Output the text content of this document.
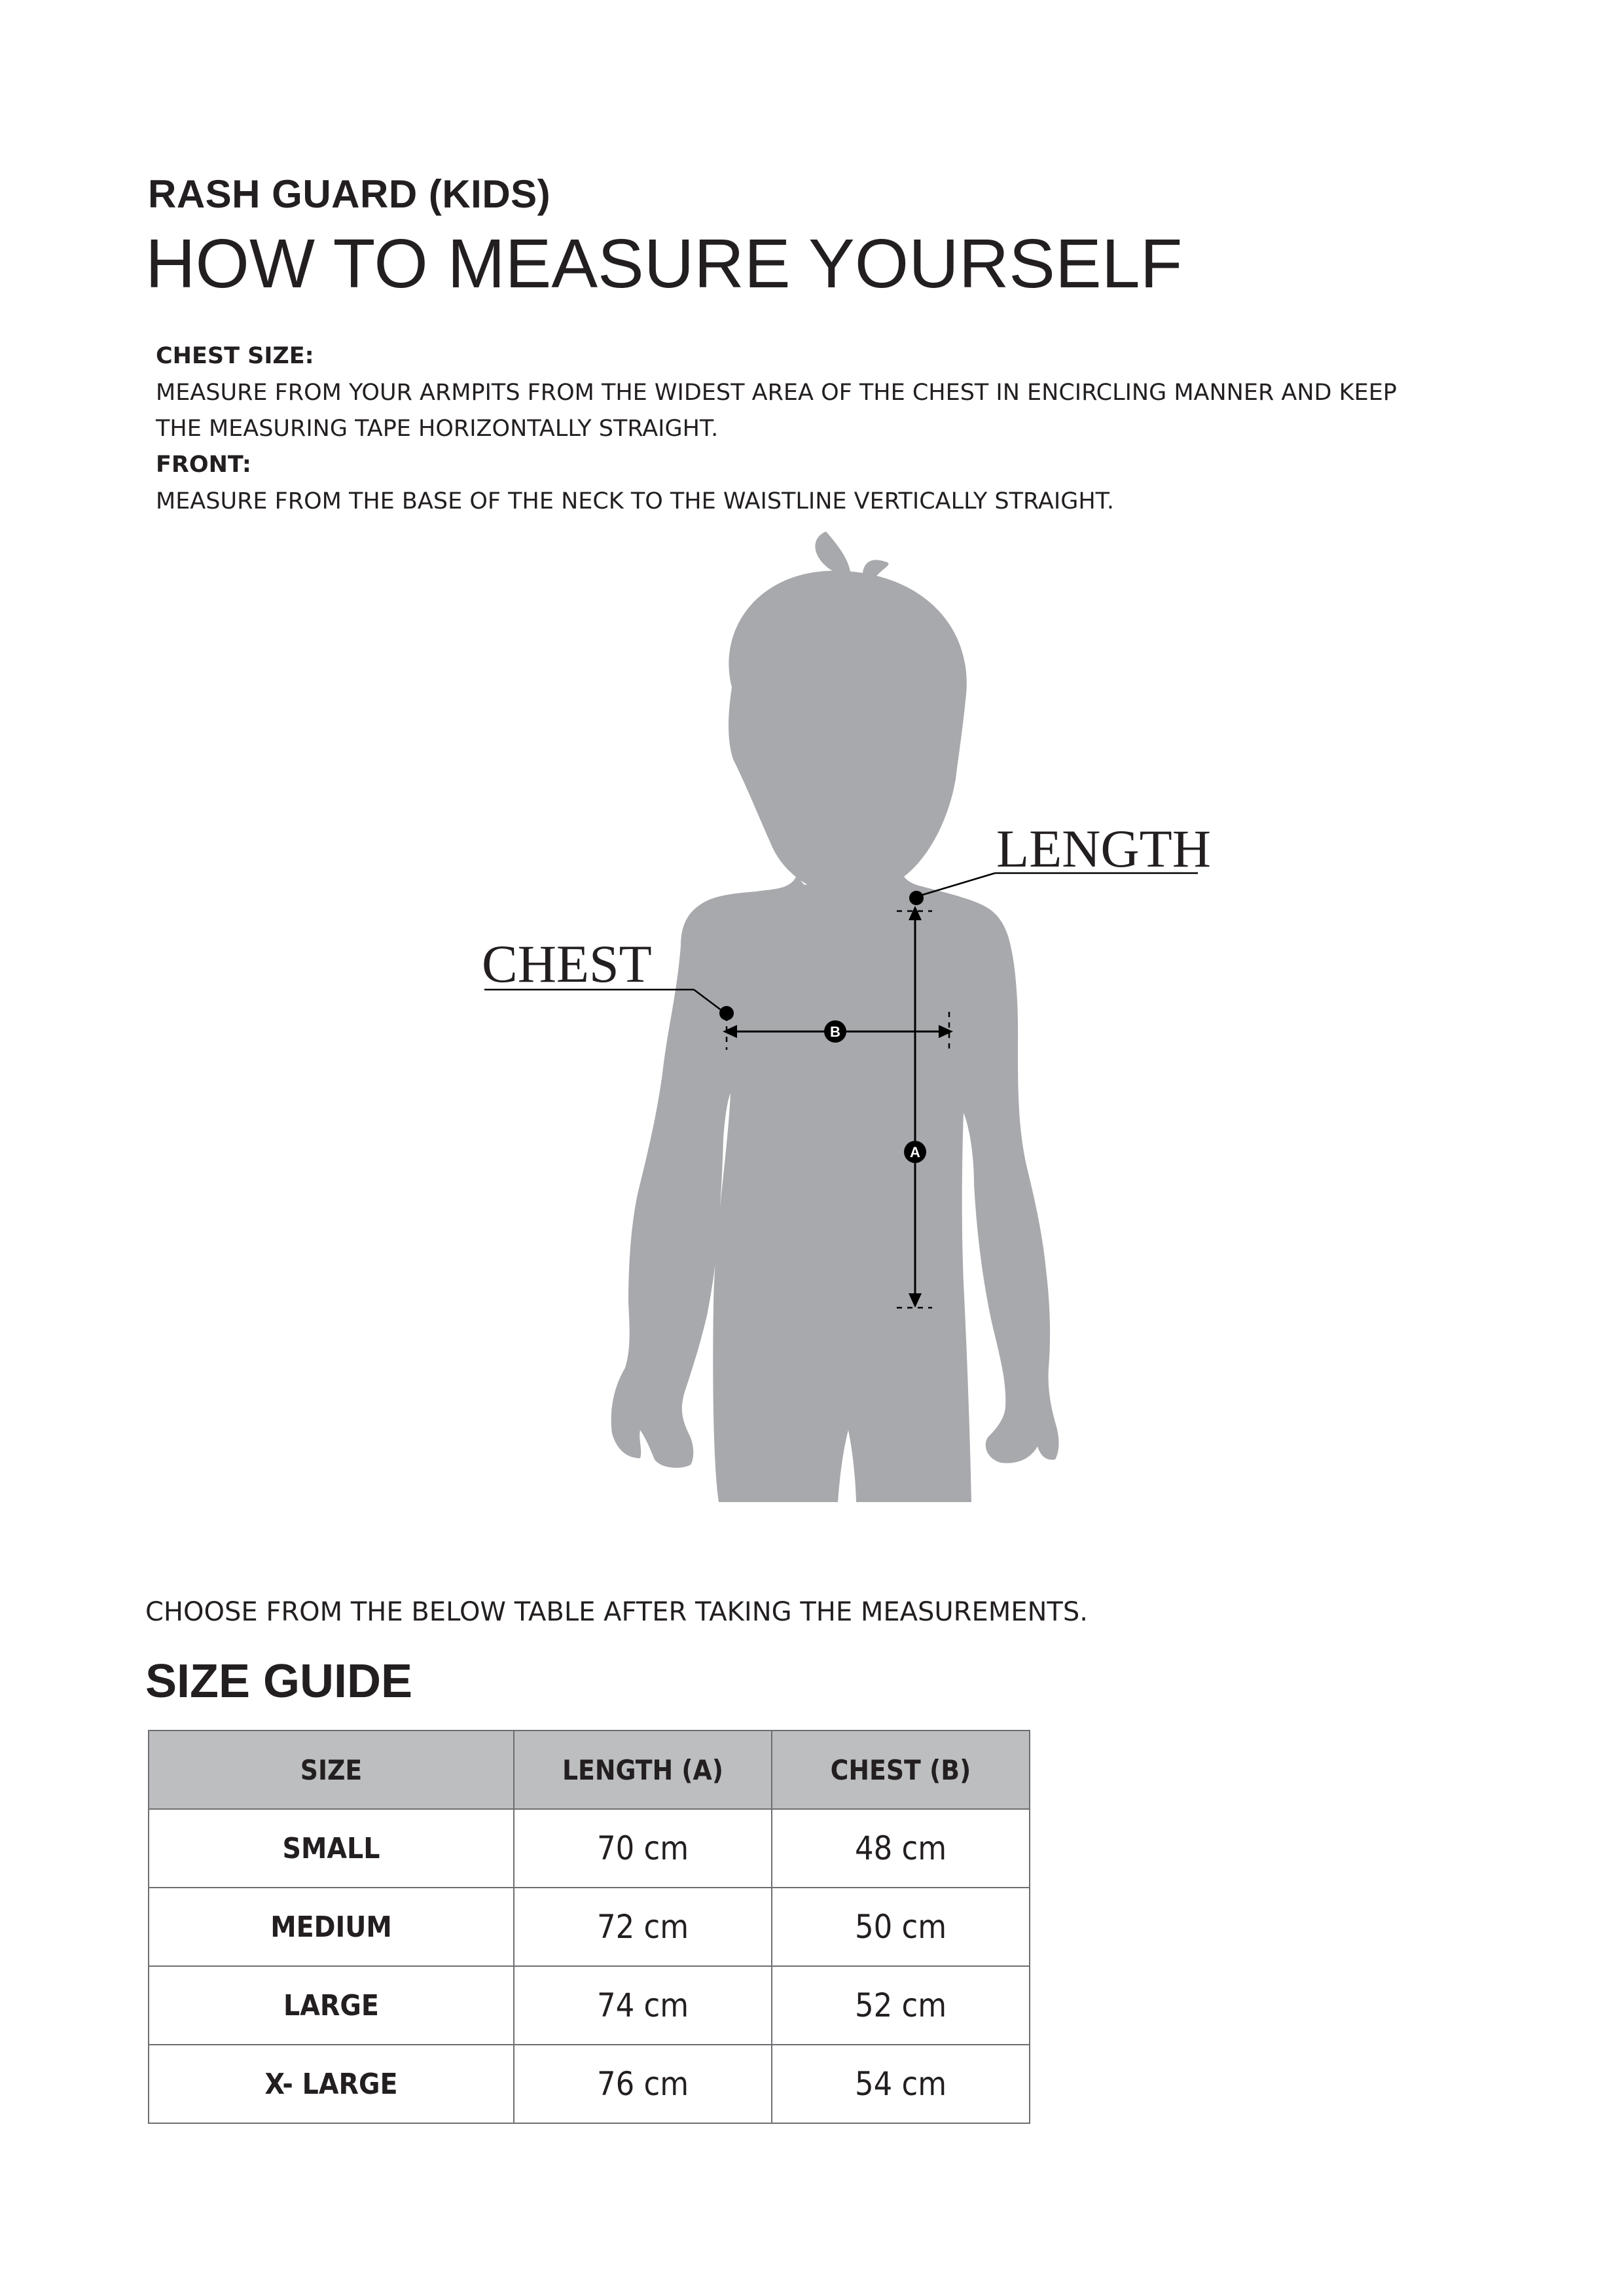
RASH GUARD (KIDS)
HOW TO MEASURE YOURSELF
CHEST SIZE:
MEASURE FROM YOUR ARMPITS FROM THE WIDEST AREA OF THE CHEST IN ENCIRCLING MANNER AND KEEP
THE MEASURING TAPE HORIZONTALLY STRAIGHT.
FRONT:
MEASURE FROM THE BASE OF THE NECK TO THE WAISTLINE VERTICALLY STRAIGHT.
A
B
CHEST
LENGTH
CHOOSE FROM THE BELOW TABLE AFTER TAKING THE MEASUREMENTS.
SIZE GUIDE
SIZE	LENGTH (A)	CHEST (B)
SMALL	70 cm	48 cm
MEDIUM	72 cm	50 cm
LARGE	74 cm	52 cm
X- LARGE	76 cm	54 cm
